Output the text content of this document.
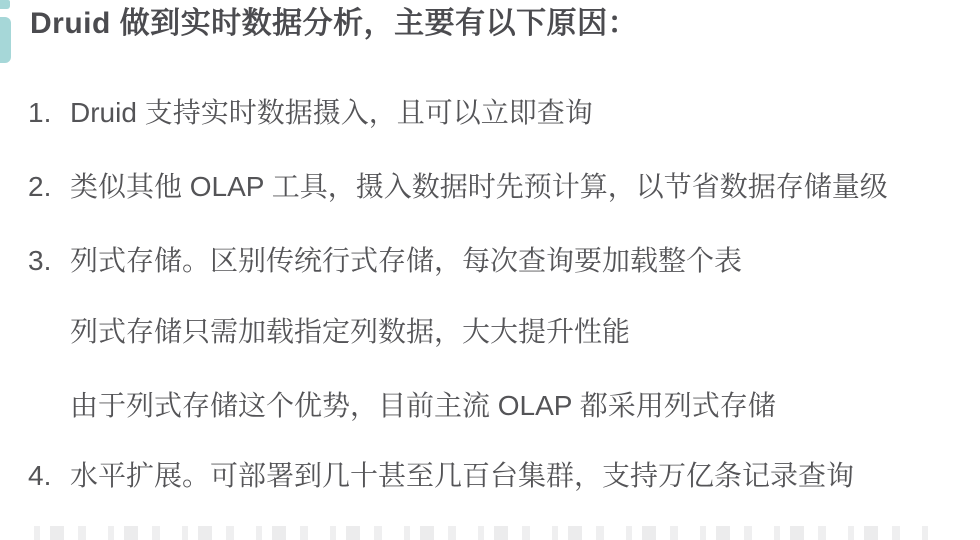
Druid 做到实时数据分析，主要有以下原因：
1. Druid 支持实时数据摄入，且可以立即查询
2. 类似其他 OLAP 工具，摄入数据时先预计算，以节省数据存储量级
3. 列式存储。区别传统行式存储，每次查询要加载整个表
列式存储只需加载指定列数据，大大提升性能
由于列式存储这个优势，目前主流 OLAP 都采用列式存储
4. 水平扩展。可部署到几十甚至几百台集群，支持万亿条记录查询
